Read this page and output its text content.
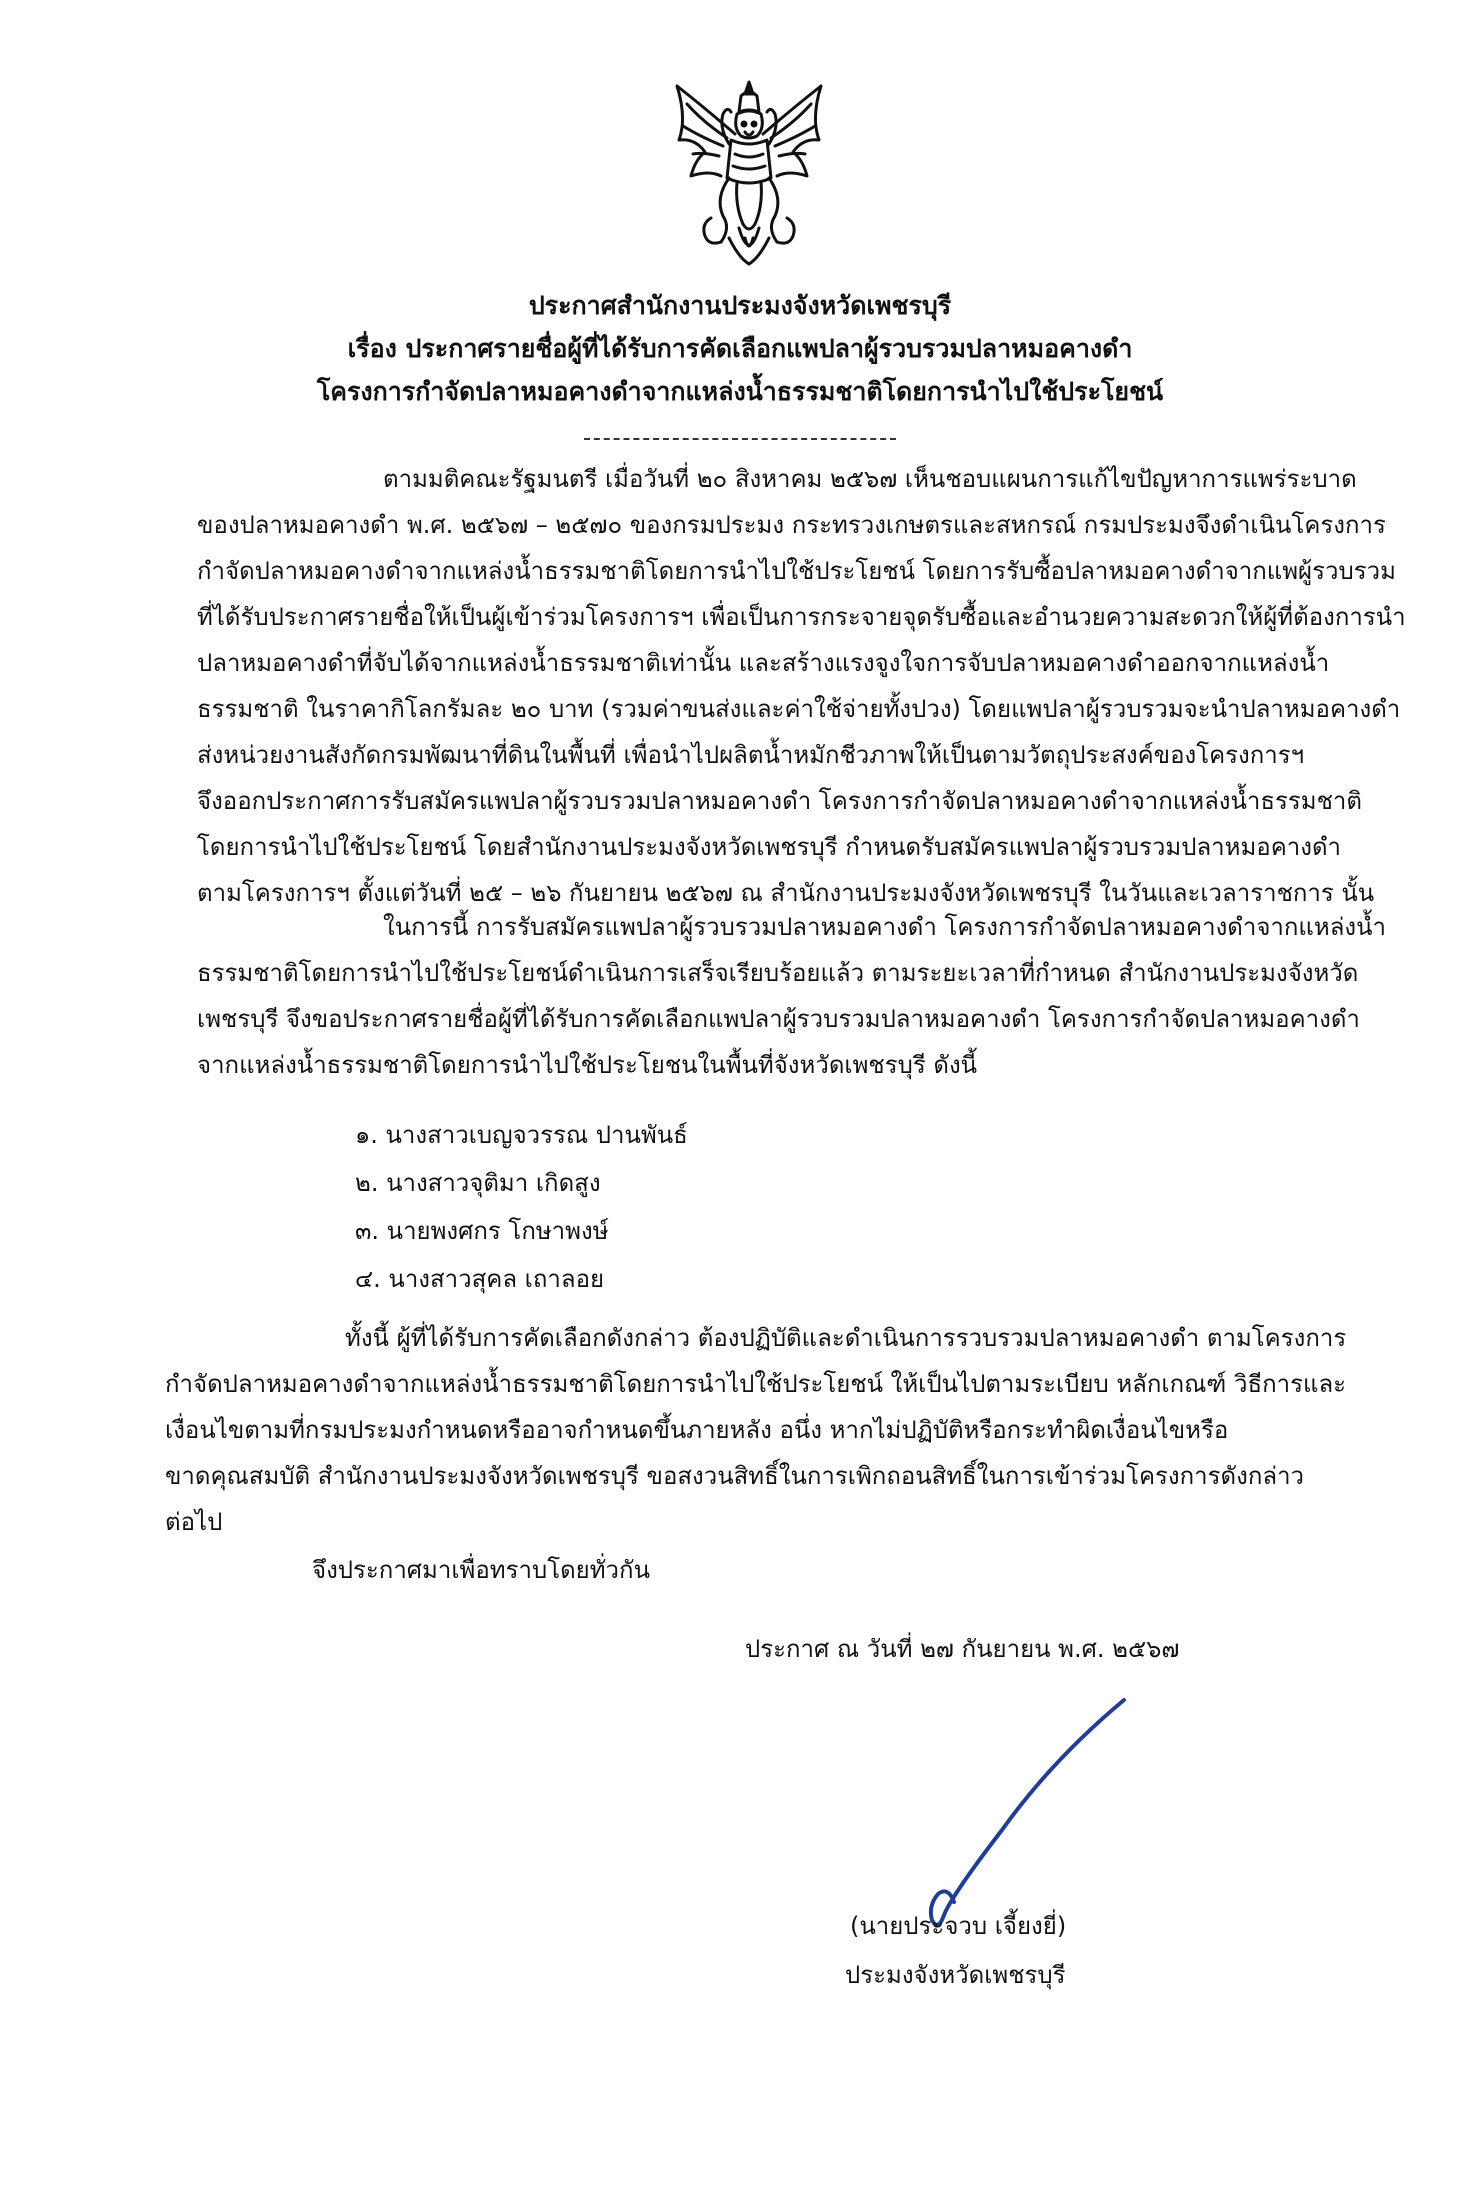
ประกาศสำนักงานประมงจังหวัดเพชรบุรี
เรื่อง ประกาศรายชื่อผู้ที่ได้รับการคัดเลือกแพปลาผู้รวบรวมปลาหมอคางดำ
โครงการกำจัดปลาหมอคางดำจากแหล่งน้ำธรรมชาติโดยการนำไปใช้ประโยชน์
ตามมติคณะรัฐมนตรี เมื่อวันที่ ๒๐ สิงหาคม ๒๕๖๗ เห็นชอบแผนการแก้ไขปัญหาการแพร่ระบาด
ของปลาหมอคางดำ พ.ศ. ๒๕๖๗ – ๒๕๗๐ ของกรมประมง กระทรวงเกษตรและสหกรณ์ กรมประมงจึงดำเนินโครงการ
กำจัดปลาหมอคางดำจากแหล่งน้ำธรรมชาติโดยการนำไปใช้ประโยชน์ โดยการรับซื้อปลาหมอคางดำจากแพผู้รวบรวม
ที่ได้รับประกาศรายชื่อให้เป็นผู้เข้าร่วมโครงการฯ เพื่อเป็นการกระจายจุดรับซื้อและอำนวยความสะดวกให้ผู้ที่ต้องการนำ
ปลาหมอคางดำที่จับได้จากแหล่งน้ำธรรมชาติเท่านั้น และสร้างแรงจูงใจการจับปลาหมอคางดำออกจากแหล่งน้ำ
ธรรมชาติ ในราคากิโลกรัมละ ๒๐ บาท (รวมค่าขนส่งและค่าใช้จ่ายทั้งปวง) โดยแพปลาผู้รวบรวมจะนำปลาหมอคางดำ
ส่งหน่วยงานสังกัดกรมพัฒนาที่ดินในพื้นที่ เพื่อนำไปผลิตน้ำหมักชีวภาพให้เป็นตามวัตถุประสงค์ของโครงการฯ
จึงออกประกาศการรับสมัครแพปลาผู้รวบรวมปลาหมอคางดำ โครงการกำจัดปลาหมอคางดำจากแหล่งน้ำธรรมชาติ
โดยการนำไปใช้ประโยชน์ โดยสำนักงานประมงจังหวัดเพชรบุรี กำหนดรับสมัครแพปลาผู้รวบรวมปลาหมอคางดำ
ตามโครงการฯ ตั้งแต่วันที่ ๒๕ – ๒๖ กันยายน ๒๕๖๗ ณ สำนักงานประมงจังหวัดเพชรบุรี ในวันและเวลาราชการ นั้น
ในการนี้ การรับสมัครแพปลาผู้รวบรวมปลาหมอคางดำ โครงการกำจัดปลาหมอคางดำจากแหล่งน้ำ
ธรรมชาติโดยการนำไปใช้ประโยชน์ดำเนินการเสร็จเรียบร้อยแล้ว ตามระยะเวลาที่กำหนด สำนักงานประมงจังหวัด
เพชรบุรี จึงขอประกาศรายชื่อผู้ที่ได้รับการคัดเลือกแพปลาผู้รวบรวมปลาหมอคางดำ โครงการกำจัดปลาหมอคางดำ
จากแหล่งน้ำธรรมชาติโดยการนำไปใช้ประโยชนในพื้นที่จังหวัดเพชรบุรี ดังนี้
๑. นางสาวเบญจวรรณ ปานพันธ์
๒. นางสาวจุติมา เกิดสูง
๓. นายพงศกร โกษาพงษ์
๔. นางสาวสุคล เถาลอย
ทั้งนี้ ผู้ที่ได้รับการคัดเลือกดังกล่าว ต้องปฏิบัติและดำเนินการรวบรวมปลาหมอคางดำ ตามโครงการ
กำจัดปลาหมอคางดำจากแหล่งน้ำธรรมชาติโดยการนำไปใช้ประโยชน์ ให้เป็นไปตามระเบียบ หลักเกณฑ์ วิธีการและ
เงื่อนไขตามที่กรมประมงกำหนดหรืออาจกำหนดขึ้นภายหลัง อนึ่ง หากไม่ปฏิบัติหรือกระทำผิดเงื่อนไขหรือ
ขาดคุณสมบัติ สำนักงานประมงจังหวัดเพชรบุรี ขอสงวนสิทธิ์ในการเพิกถอนสิทธิ์ในการเข้าร่วมโครงการดังกล่าว
ต่อไป
จึงประกาศมาเพื่อทราบโดยทั่วกัน
ประกาศ ณ วันที่ ๒๗ กันยายน พ.ศ. ๒๕๖๗
(นายประจวบ เจี้ยงยี่)
ประมงจังหวัดเพชรบุรี
